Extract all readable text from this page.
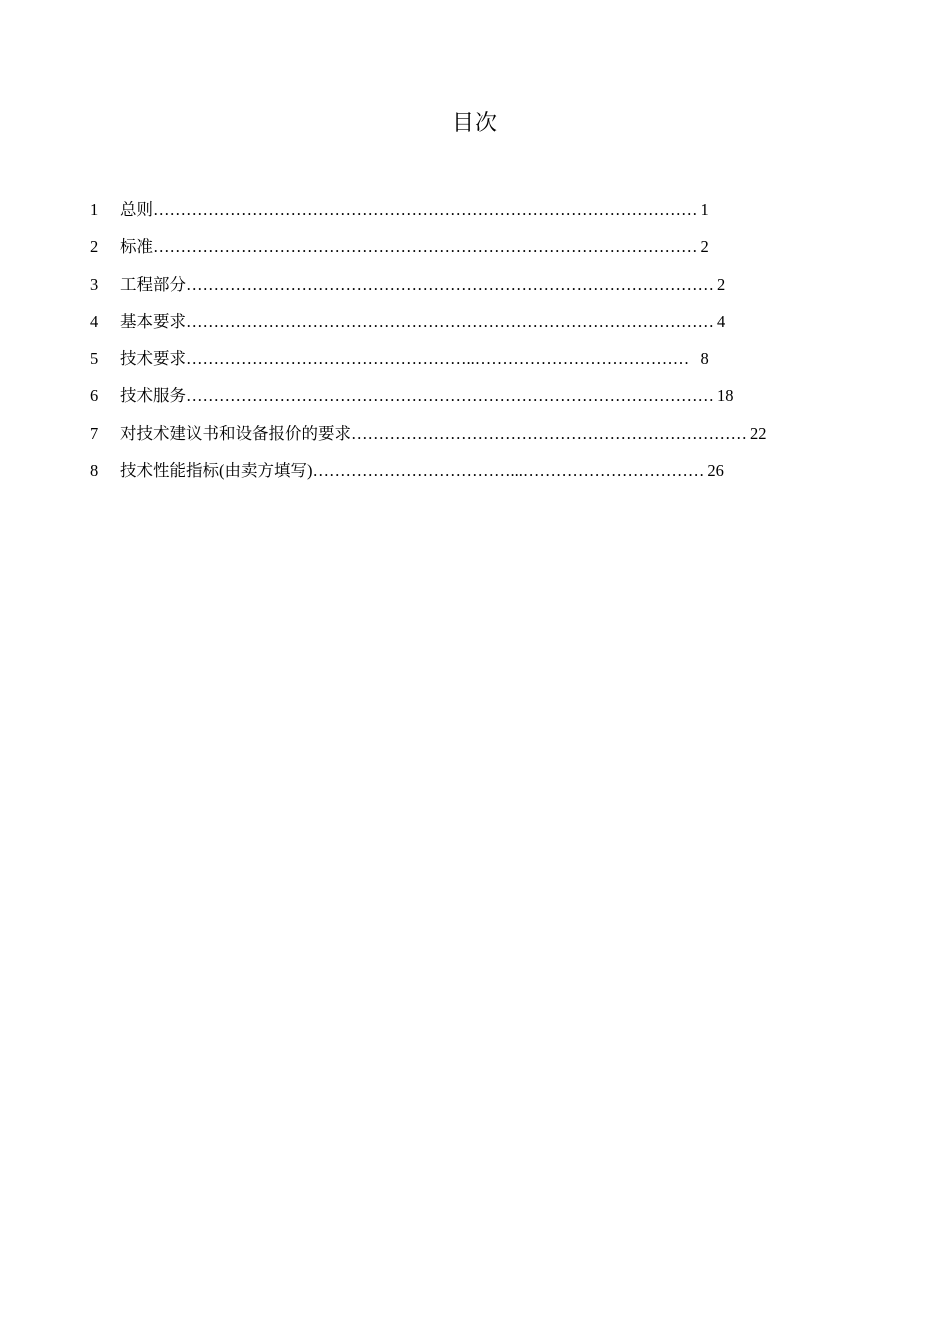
目次
1	总则……………………………………………………………………………………… 1
2	标准……………………………………………………………………………………… 2
3	工程部分…………………………………………………………………………………… 2
4	基本要求…………………………………………………………………………………… 4
5	技术要求……………………………………………..…………………………………  8
6	技术服务…………………………………………………………………………………… 18
7	对技术建议书和设备报价的要求……………………………………………………………… 22
8	技术性能指标(由卖方填写)………………………………...…………………………… 26
